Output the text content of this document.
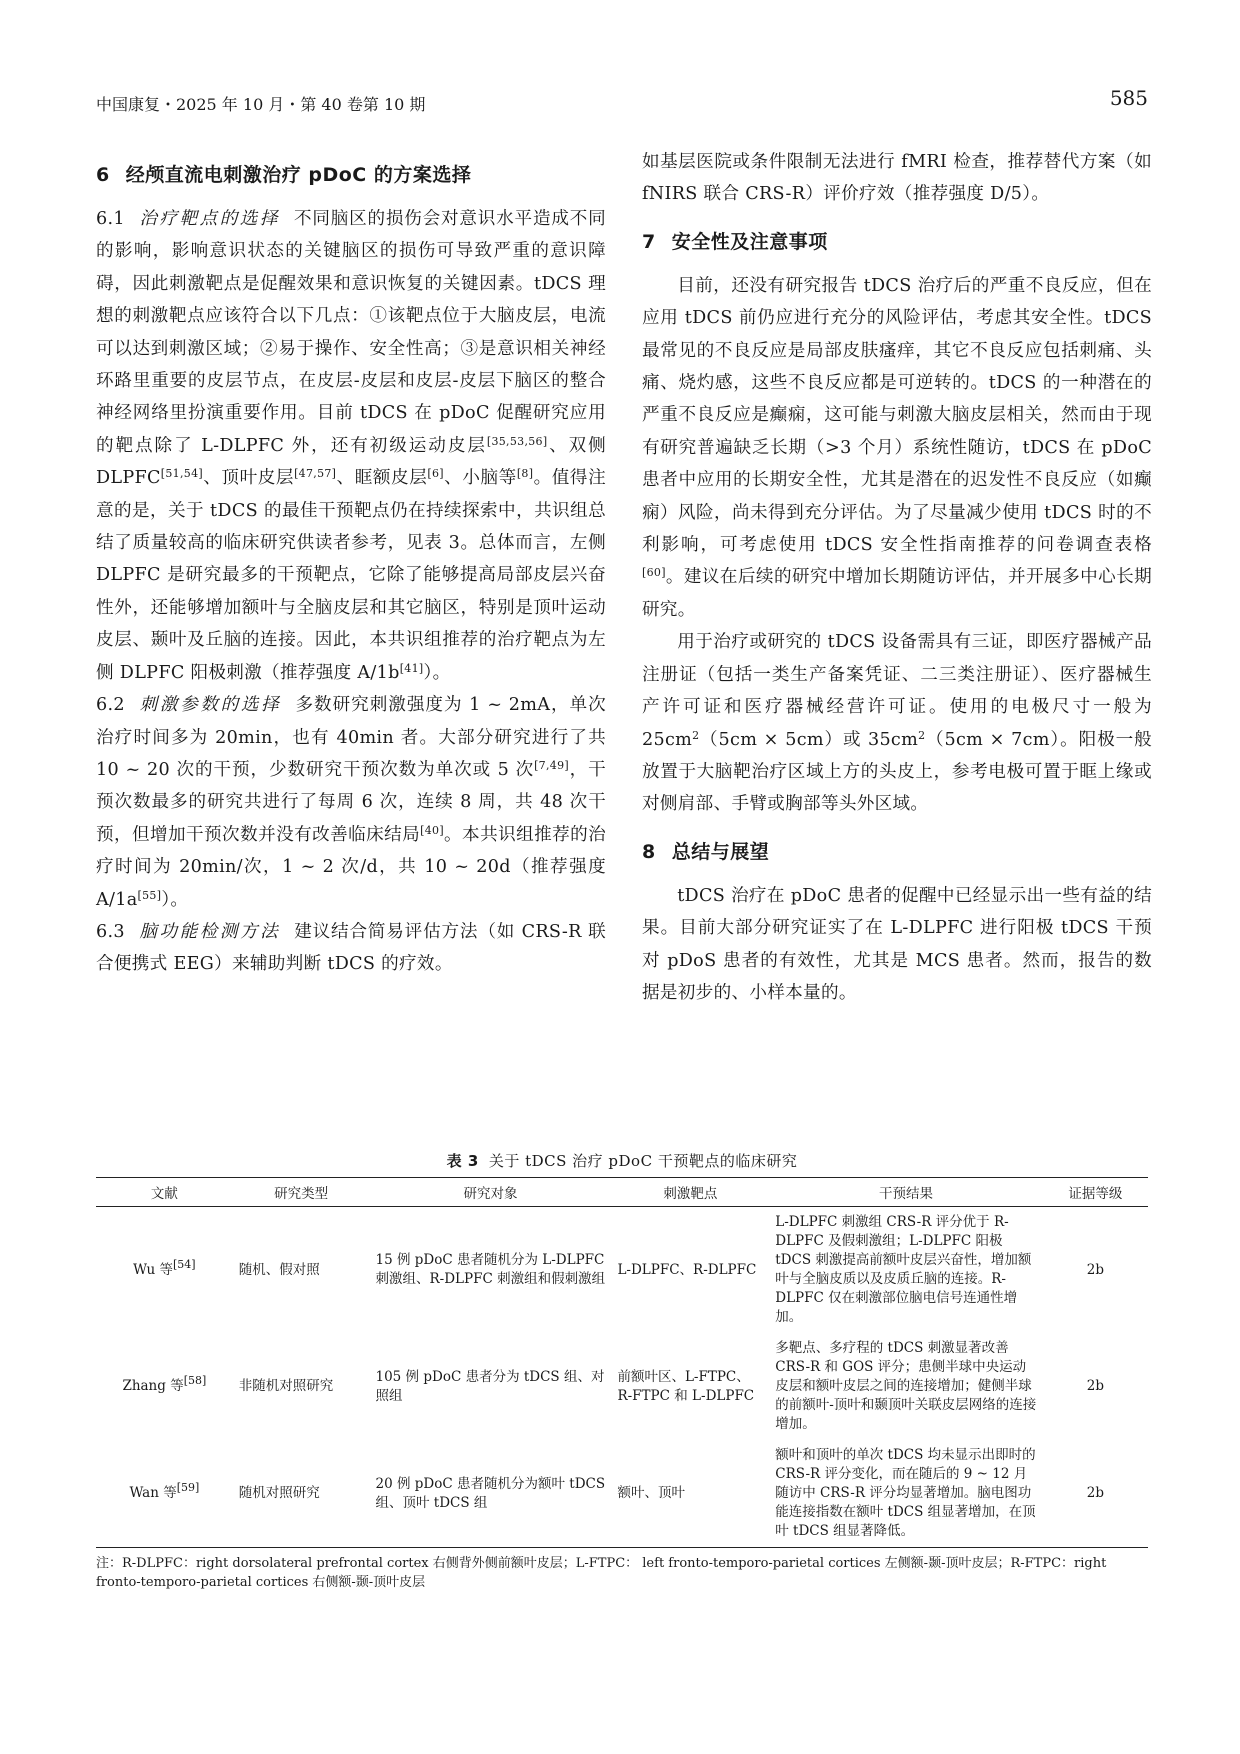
中国康复・2025 年 10 月・第 40 卷第 10 期	585
6 经颅直流电刺激治疗 pDoC 的方案选择

6.1 治疗靶点的选择 不同脑区的损伤会对意识水平造成不同的影响，影响意识状态的关键脑区的损伤可导致严重的意识障碍，因此刺激靶点是促醒效果和意识恢复的关键因素。tDCS 理想的刺激靶点应该符合以下几点：①该靶点位于大脑皮层，电流可以达到刺激区域；②易于操作、安全性高；③是意识相关神经环路里重要的皮层节点，在皮层-皮层和皮层-皮层下脑区的整合神经网络里扮演重要作用。目前 tDCS 在 pDoC 促醒研究应用的靶点除了 L-DLPFC 外，还有初级运动皮层[35,53,56]、双侧 DLPFC[51,54]、顶叶皮层[47,57]、眶额皮层[6]、小脑等[8]。值得注意的是，关于 tDCS 的最佳干预靶点仍在持续探索中，共识组总结了质量较高的临床研究供读者参考，见表 3。总体而言，左侧 DLPFC 是研究最多的干预靶点，它除了能够提高局部皮层兴奋性外，还能够增加额叶与全脑皮层和其它脑区，特别是顶叶运动皮层、颞叶及丘脑的连接。因此，本共识组推荐的治疗靶点为左侧 DLPFC 阳极刺激（推荐强度 A/1b[41]）。

6.2 刺激参数的选择 多数研究刺激强度为 1 ~ 2mA，单次治疗时间多为 20min，也有 40min 者。大部分研究进行了共 10 ~ 20 次的干预，少数研究干预次数为单次或 5 次[7,49]，干预次数最多的研究共进行了每周 6 次，连续 8 周，共 48 次干预，但增加干预次数并没有改善临床结局[40]。本共识组推荐的治疗时间为 20min/次，1 ~ 2 次/d，共 10 ~ 20d（推荐强度 A/1a[55]）。

6.3 脑功能检测方法 建议结合简易评估方法（如 CRS-R 联合便携式 EEG）来辅助判断 tDCS 的疗效。

如基层医院或条件限制无法进行 fMRI 检查，推荐替代方案（如 fNIRS 联合 CRS-R）评价疗效（推荐强度 D/5）。

7 安全性及注意事项

目前，还没有研究报告 tDCS 治疗后的严重不良反应，但在应用 tDCS 前仍应进行充分的风险评估，考虑其安全性。tDCS 最常见的不良反应是局部皮肤瘙痒，其它不良反应包括刺痛、头痛、烧灼感，这些不良反应都是可逆转的。tDCS 的一种潜在的严重不良反应是癫痫，这可能与刺激大脑皮层相关，然而由于现有研究普遍缺乏长期（>3 个月）系统性随访，tDCS 在 pDoC 患者中应用的长期安全性，尤其是潜在的迟发性不良反应（如癫痫）风险，尚未得到充分评估。为了尽量减少使用 tDCS 时的不利影响，可考虑使用 tDCS 安全性指南推荐的问卷调查表格[60]。建议在后续的研究中增加长期随访评估，并开展多中心长期研究。

用于治疗或研究的 tDCS 设备需具有三证，即医疗器械产品注册证（包括一类生产备案凭证、二三类注册证）、医疗器械生产许可证和医疗器械经营许可证。使用的电极尺寸一般为 $25cm^2(5cm \times 5cm)$或 $35cm^2(5cm \times 7cm)$。阳极一般放置于大脑靶治疗区域上方的头皮上，参考电极可置于眶上缘或对侧肩部、手臂或胸部等头外区域。

8 总结与展望

tDCS 治疗在 pDoC 患者的促醒中已经显示出一些有益的结果。目前大部分研究证实了在 L-DLPFC 进行阳极 tDCS 干预对 pDoS 患者的有效性，尤其是 MCS 患者。然而，报告的数据是初步的、小样本量的。

表 3 关于 tDCS 治疗 pDoC 干预靶点的临床研究
文献	研究类型	研究对象	刺激靶点	干预结果	证据等级
Wu 等[54]	随机、假对照	15 例 pDoC 患者随机分为 L-DLPFC 刺激组、R-DLPFC 刺激组和假刺激组	L-DLPFC、R-DLPFC	L-DLPFC 刺激组 CRS-R 评分优于 R-DLPFC 及假刺激组；L-DLPFC 阳极 tDCS 刺激提高前额叶皮层兴奋性，增加额叶与全脑皮质以及皮质丘脑的连接。R-DLPFC 仅在刺激部位脑电信号连通性增加。	2b
Zhang 等[58]	非随机对照研究	105 例 pDoC 患者分为 tDCS 组、对照组	前额叶区、L-FTPC、R-FTPC 和 L-DLPFC	多靶点、多疗程的 tDCS 刺激显著改善 CRS-R 和 GOS 评分；患侧半球中央运动皮层和额叶皮层之间的连接增加；健侧半球的前额叶-顶叶和颞顶叶关联皮层网络的连接增加。	2b
Wan 等[59]	随机对照研究	20 例 pDoC 患者随机分为额叶 tDCS 组、顶叶 tDCS 组	额叶、顶叶	额叶和顶叶的单次 tDCS 均未显示出即时的 CRS-R 评分变化，而在随后的 9 ~ 12 月随访中 CRS-R 评分均显著增加。脑电图功能连接指数在额叶 tDCS 组显著增加，在顶叶 tDCS 组显著降低。	2b
注：R-DLPFC：right dorsolateral prefrontal cortex 右侧背外侧前额叶皮层；L-FTPC： left fronto-temporo-parietal cortices 左侧额-颞-顶叶皮层；R-FTPC：right fronto-temporo-parietal cortices 右侧额-颞-顶叶皮层
